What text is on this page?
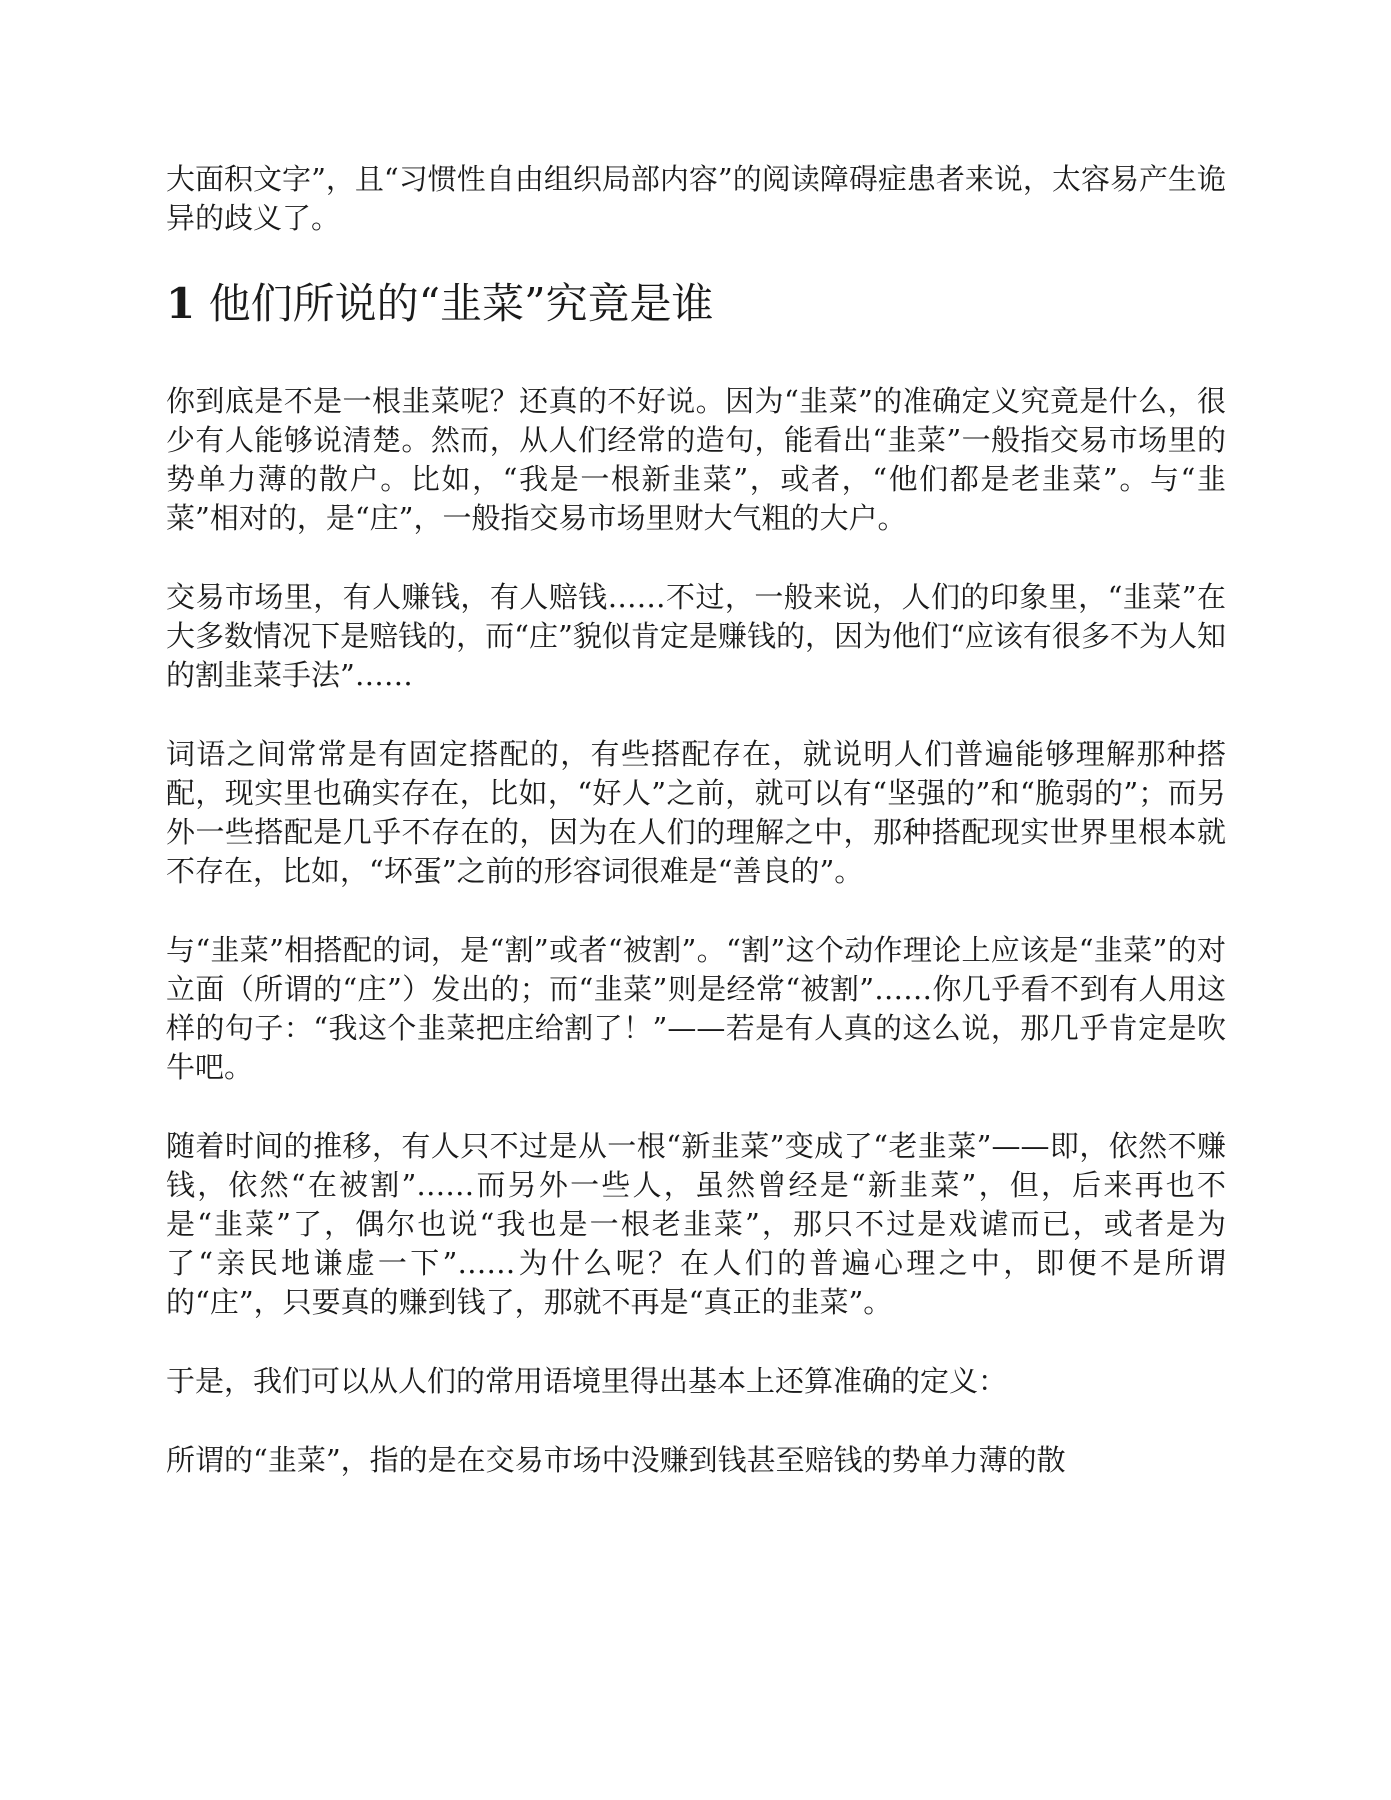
大面积文字”，且“习惯性自由组织局部内容”的阅读障碍症患者来说，太容易产生诡异的歧义了。

1 他们所说的“韭菜”究竟是谁

你到底是不是一根韭菜呢？还真的不好说。因为“韭菜”的准确定义究竟是什么，很少有人能够说清楚。然而，从人们经常的造句，能看出“韭菜”一般指交易市场里的势单力薄的散户。比如，“我是一根新韭菜”，或者，“他们都是老韭菜”。与“韭菜”相对的，是“庄”，一般指交易市场里财大气粗的大户。

交易市场里，有人赚钱，有人赔钱……不过，一般来说，人们的印象里，“韭菜”在大多数情况下是赔钱的，而“庄”貌似肯定是赚钱的，因为他们“应该有很多不为人知的割韭菜手法”……

词语之间常常是有固定搭配的，有些搭配存在，就说明人们普遍能够理解那种搭配，现实里也确实存在，比如，“好人”之前，就可以有“坚强的”和“脆弱的”；而另外一些搭配是几乎不存在的，因为在人们的理解之中，那种搭配现实世界里根本就不存在，比如，“坏蛋”之前的形容词很难是“善良的”。

与“韭菜”相搭配的词，是“割”或者“被割”。“割”这个动作理论上应该是“韭菜”的对立面（所谓的“庄”）发出的；而“韭菜”则是经常“被割”……你几乎看不到有人用这样的句子：“我这个韭菜把庄给割了！”——若是有人真的这么说，那几乎肯定是吹牛吧。

随着时间的推移，有人只不过是从一根“新韭菜”变成了“老韭菜”——即，依然不赚钱，依然“在被割”……而另外一些人，虽然曾经是“新韭菜”，但，后来再也不是“韭菜”了，偶尔也说“我也是一根老韭菜”，那只不过是戏谑而已，或者是为了“亲民地谦虚一下”……为什么呢？在人们的普遍心理之中，即便不是所谓的“庄”，只要真的赚到钱了，那就不再是“真正的韭菜”。

于是，我们可以从人们的常用语境里得出基本上还算准确的定义：

所谓的“韭菜”，指的是在交易市场中没赚到钱甚至赔钱的势单力薄的散
